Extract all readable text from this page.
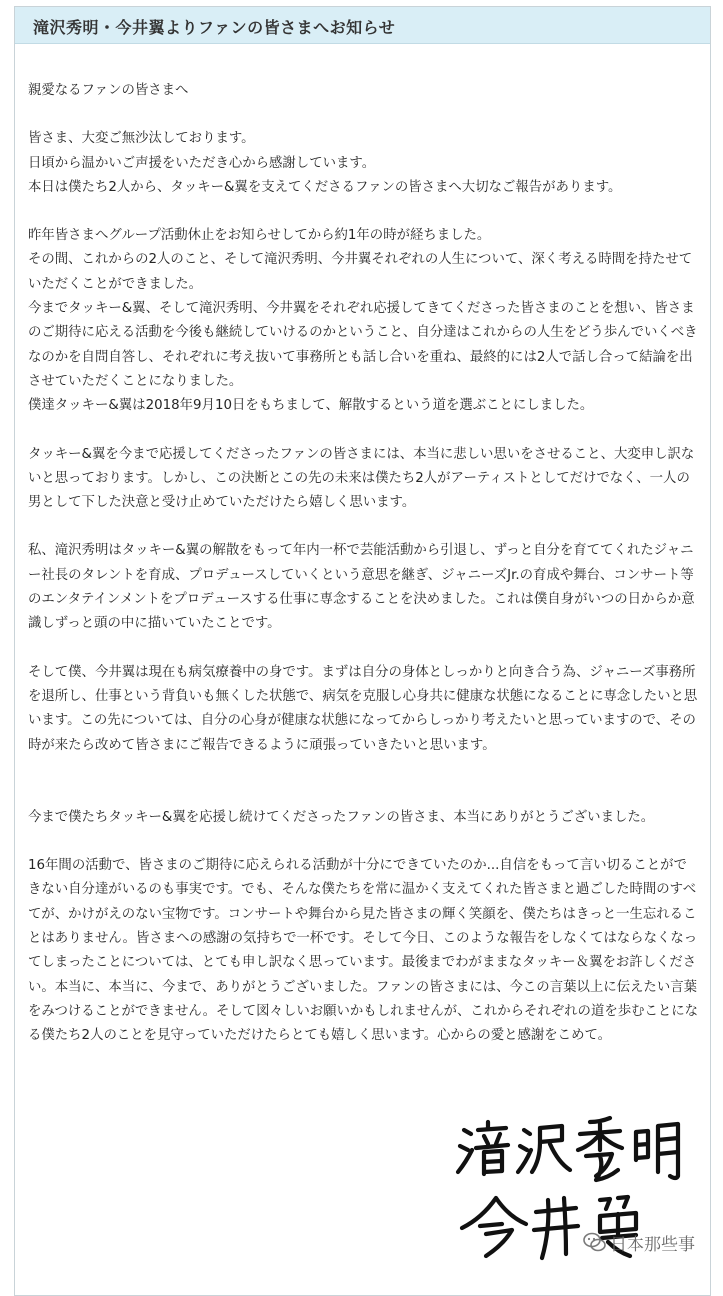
滝沢秀明・今井翼よりファンの皆さまへお知らせ

親愛なるファンの皆さまへ

皆さま、大変ご無沙汰しております。

日頃から温かいご声援をいただき心から感謝しています。

本日は僕たち2人から、タッキー&翼を支えてくださるファンの皆さまへ大切なご報告があります。

昨年皆さまへグループ活動休止をお知らせしてから約1年の時が経ちました。

その間、これからの2人のこと、そして滝沢秀明、今井翼それぞれの人生について、深く考える時間を持たせていただくことができました。

今までタッキー&翼、そして滝沢秀明、今井翼をそれぞれ応援してきてくださった皆さまのことを想い、皆さまのご期待に応える活動を今後も継続していけるのかということ、自分達はこれからの人生をどう歩んでいくべきなのかを自問自答し、それぞれに考え抜いて事務所とも話し合いを重ね、最終的には2人で話し合って結論を出させていただくことになりました。

僕達タッキー&翼は2018年9月10日をもちまして、解散するという道を選ぶことにしました。

タッキー&翼を今まで応援してくださったファンの皆さまには、本当に悲しい思いをさせること、大変申し訳ないと思っております。しかし、この決断とこの先の未来は僕たち2人がアーティストとしてだけでなく、一人の男として下した決意と受け止めていただけたら嬉しく思います。

私、滝沢秀明はタッキー&翼の解散をもって年内一杯で芸能活動から引退し、ずっと自分を育ててくれたジャニー社長のタレントを育成、プロデュースしていくという意思を継ぎ、ジャニーズJr.の育成や舞台、コンサート等のエンタテインメントをプロデュースする仕事に専念することを決めました。これは僕自身がいつの日からか意識しずっと頭の中に描いていたことです。

そして僕、今井翼は現在も病気療養中の身です。まずは自分の身体としっかりと向き合う為、ジャニーズ事務所を退所し、仕事という背負いも無くした状態で、病気を克服し心身共に健康な状態になることに専念したいと思います。この先については、自分の心身が健康な状態になってからしっかり考えたいと思っていますので、その時が来たら改めて皆さまにご報告できるように頑張っていきたいと思います。

今まで僕たちタッキー&翼を応援し続けてくださったファンの皆さま、本当にありがとうございました。

16年間の活動で、皆さまのご期待に応えられる活動が十分にできていたのか...自信をもって言い切ることができない自分達がいるのも事実です。でも、そんな僕たちを常に温かく支えてくれた皆さまと過ごした時間のすべてが、かけがえのない宝物です。コンサートや舞台から見た皆さまの輝く笑顔を、僕たちはきっと一生忘れることはありません。皆さまへの感謝の気持ちで一杯です。そして今日、このような報告をしなくてはならなくなってしまったことについては、とても申し訳なく思っています。最後までわがままなタッキー＆翼をお許しください。本当に、本当に、今まで、ありがとうございました。ファンの皆さまには、今この言葉以上に伝えたい言葉をみつけることができません。そして図々しいお願いかもしれませんが、これからそれぞれの道を歩むことになる僕たち2人のことを見守っていただけたらとても嬉しく思います。心からの愛と感謝をこめて。

日本那些事
